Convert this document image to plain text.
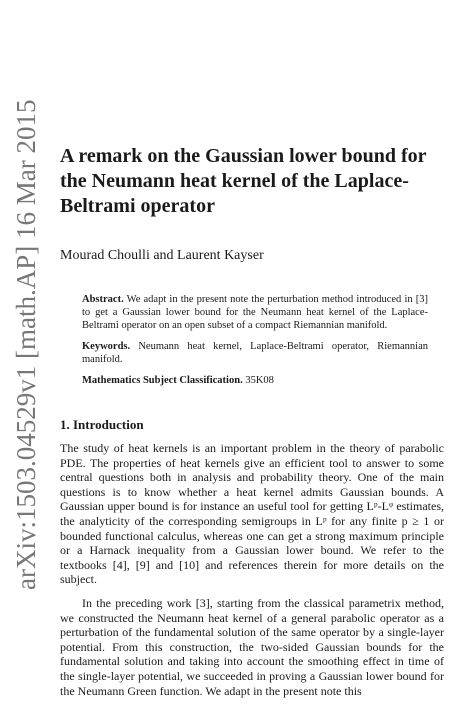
arXiv:1503.04529v1 [math.AP] 16 Mar 2015 A remark on the Gaussian lower bound for the Neumann heat kernel of the Laplace-Beltrami operator
Mourad Choulli and Laurent Kayser

Abstract. We adapt in the present note the perturbation method introduced in [3] to get a Gaussian lower bound for the Neumann heat kernel of the Laplace-Beltrami operator on an open subset of a compact Riemannian manifold.

Keywords. Neumann heat kernel, Laplace-Beltrami operator, Riemannian manifold.

Mathematics Subject Classification. 35K08

1. Introduction

The study of heat kernels is an important problem in the theory of parabolic PDE. The properties of heat kernels give an efficient tool to answer to some central questions both in analysis and probability theory. One of the main questions is to know whether a heat kernel admits Gaussian bounds. A Gaussian upper bound is for instance an useful tool for getting Lᵖ-Lᵠ estimates, the analyticity of the corresponding semigroups in Lᵖ for any finite p ≥ 1 or bounded functional calculus, whereas one can get a strong maximum principle or a Harnack inequality from a Gaussian lower bound. We refer to the textbooks [4], [9] and [10] and references therein for more details on the subject.

In the preceding work [3], starting from the classical parametrix method, we constructed the Neumann heat kernel of a general parabolic operator as a perturbation of the fundamental solution of the same operator by a single-layer potential. From this construction, the two-sided Gaussian bounds for the fundamental solution and taking into account the smoothing effect in time of the single-layer potential, we succeeded in proving a Gaussian lower bound for the Neumann Green function. We adapt in the present note this
